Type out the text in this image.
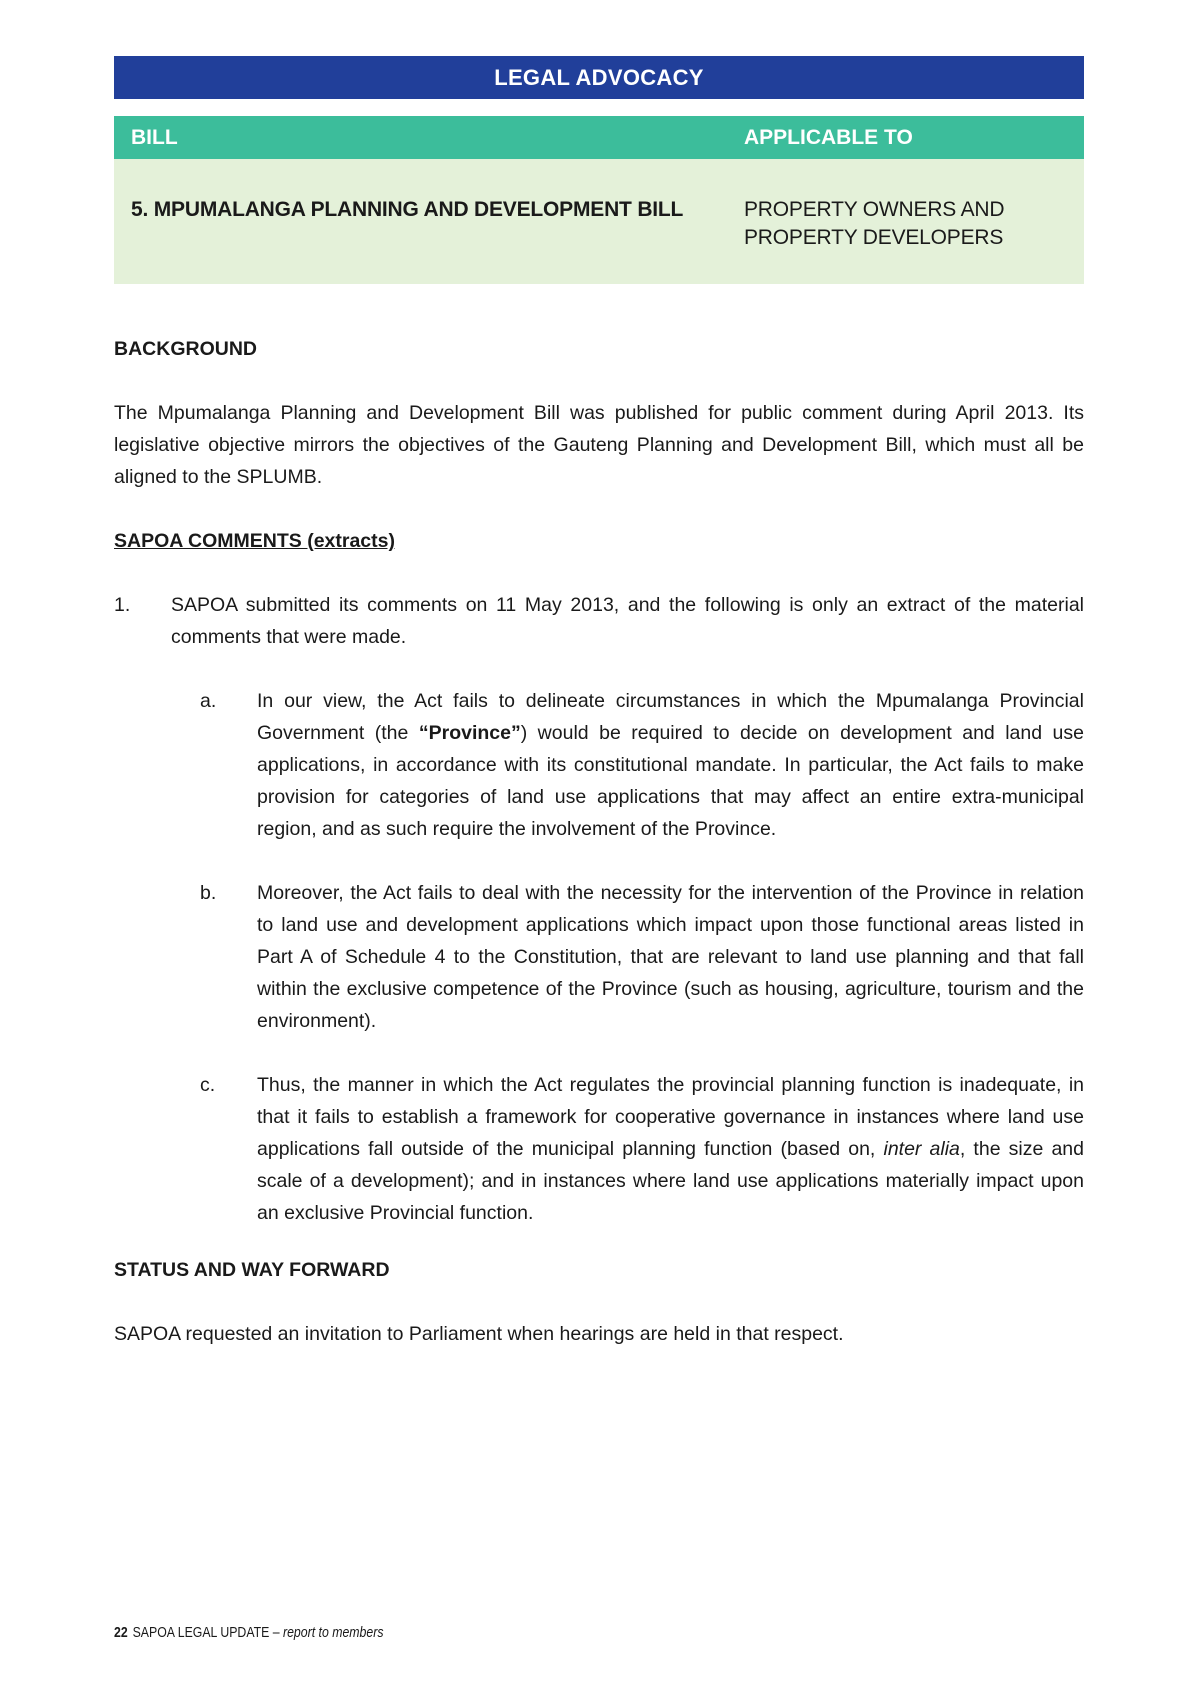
LEGAL ADVOCACY
BILL	APPLICABLE TO
5. MPUMALANGA PLANNING AND DEVELOPMENT BILL	PROPERTY OWNERS AND
PROPERTY DEVELOPERS
BACKGROUND

The Mpumalanga Planning and Development Bill was published for public comment during April 2013. Its legislative objective mirrors the objectives of the Gauteng Planning and Development Bill, which must all be aligned to the SPLUMB.

SAPOA COMMENTS (extracts)
1.	SAPOA submitted its comments on 11 May 2013, and the following is only an extract of the material comments that were made.

a.	In our view, the Act fails to delineate circumstances in which the Mpumalanga Provincial Government (the “Province”) would be required to decide on development and land use applications, in accordance with its constitutional mandate. In particular, the Act fails to make provision for categories of land use applications that may affect an entire extra-municipal region, and as such require the involvement of the Province.

b.	Moreover, the Act fails to deal with the necessity for the intervention of the Province in relation to land use and development applications which impact upon those functional areas listed in Part A of Schedule 4 to the Constitution, that are relevant to land use planning and that fall within the exclusive competence of the Province (such as housing, agriculture, tourism and the environment).

c.	Thus, the manner in which the Act regulates the provincial planning function is inadequate, in that it fails to establish a framework for cooperative governance in instances where land use applications fall outside of the municipal planning function (based on, inter alia, the size and scale of a development); and in instances where land use applications materially impact upon an exclusive Provincial function.

STATUS AND WAY FORWARD

SAPOA requested an invitation to Parliament when hearings are held in that respect.

22 SAPOA LEGAL UPDATE – report to members
